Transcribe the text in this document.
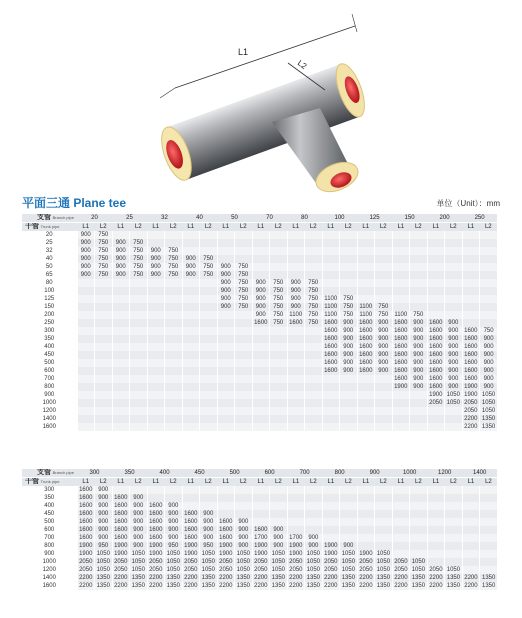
L1
L2
平面三通 Plane tee	单位（Unit）：mm
支管 Branch pipe	20		25		32		40		50		70		80		100		125		150		200		250	
干管 Trunk pipe	L1	L2	L1	L2	L1	L2	L1	L2	L1	L2	L1	L2	L1	L2	L1	L2	L1	L2	L1	L2	L1	L2	L1	L2
20	900	750																						
25	900	750	900	750																				
32	900	750	900	750	900	750																		
40	900	750	900	750	900	750	900	750																
50	900	750	900	750	900	750	900	750	900	750														
65	900	750	900	750	900	750	900	750	900	750														
80									900	750	900	750	900	750										
100									900	750	900	750	900	750										
125									900	750	900	750	900	750	1100	750								
150									900	750	900	750	900	750	1100	750	1100	750						
200											900	750	1100	750	1100	750	1100	750	1100	750				
250											1600	750	1600	750	1600	900	1600	900	1600	900	1600	900		
300															1600	900	1600	900	1600	900	1600	900	1600	750
350															1600	900	1600	900	1600	900	1600	900	1600	900
400															1600	900	1600	900	1600	900	1600	900	1600	900
450															1600	900	1600	900	1600	900	1600	900	1600	900
500															1600	900	1600	900	1600	900	1600	900	1600	900
600															1600	900	1600	900	1600	900	1600	900	1600	900
700																			1600	900	1600	900	1600	900
800																			1900	900	1600	900	1900	900
900																					1900	1050	1900	1050
1000																					2050	1050	2050	1050
1200																							2050	1050
1400																							2200	1350
1600																							2200	1350
支管 Branch pipe	300		350		400		450		500		600		700		800		900		1000		1200		1400	
干管 Trunk pipe	L1	L2	L1	L2	L1	L2	L1	L2	L1	L2	L1	L2	L1	L2	L1	L2	L1	L2	L1	L2	L1	L2	L1	L2
300	1600	900																						
350	1600	900	1600	900																				
400	1600	900	1600	900	1600	900																		
450	1600	900	1600	900	1600	900	1600	900																
500	1600	900	1600	900	1600	900	1600	900	1600	900														
600	1600	900	1600	900	1600	900	1600	900	1600	900	1600	900												
700	1600	900	1600	900	1600	900	1600	900	1600	900	1700	900	1700	900										
800	1900	950	1900	900	1900	950	1900	950	1900	900	1900	900	1900	900	1900	900								
900	1900	1050	1900	1050	1900	1050	1900	1050	1900	1050	1900	1050	1900	1050	1900	1050	1900	1050						
1000	2050	1050	2050	1050	2050	1050	2050	1050	2050	1050	2050	1050	2050	1050	2050	1050	2050	1050	2050	1050				
1200	2050	1050	2050	1050	2050	1050	2050	1050	2050	1050	2050	1050	2050	1050	2050	1050	2050	1050	2050	1050	2050	1050		
1400	2200	1350	2200	1350	2200	1350	2200	1350	2200	1350	2200	1350	2200	1350	2200	1350	2200	1350	2200	1350	2200	1350	2200	1350
1600	2200	1350	2200	1350	2200	1350	2200	1350	2200	1350	2200	1350	2200	1350	2200	1350	2200	1350	2200	1350	2200	1350	2200	1350
